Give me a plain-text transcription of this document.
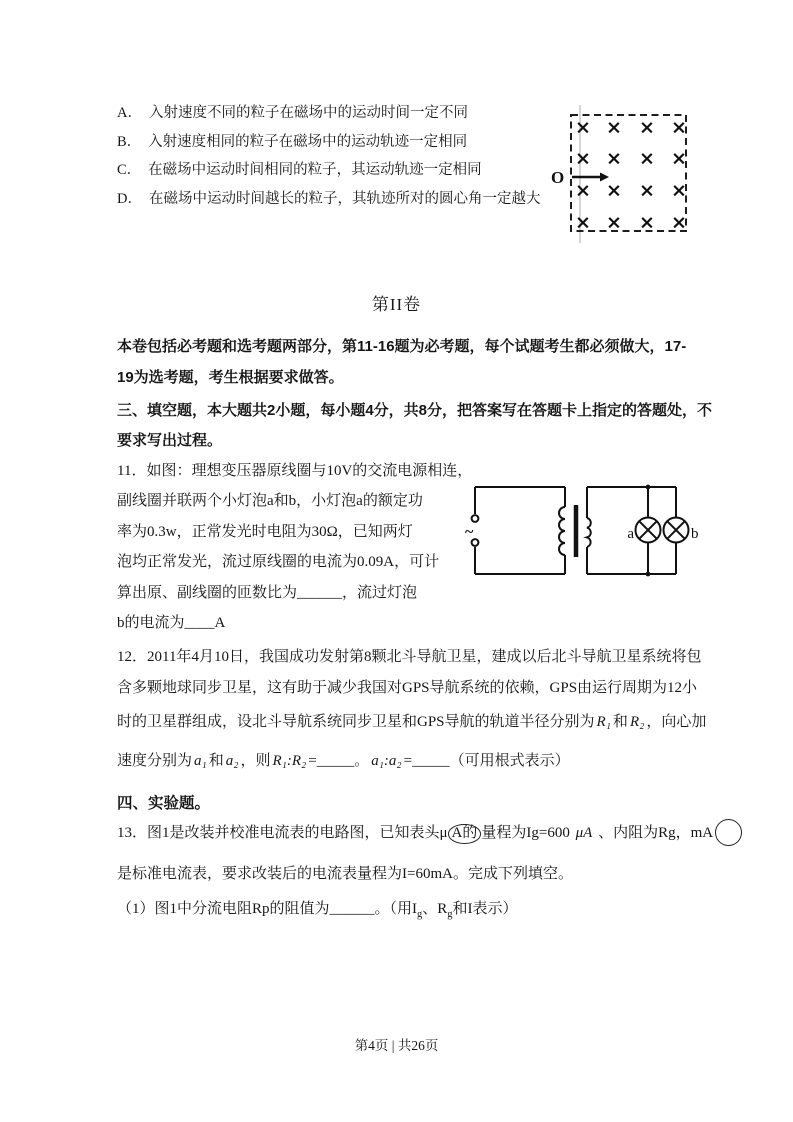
A． 入射速度不同的粒子在磁场中的运动时间一定不同
B． 入射速度相同的粒子在磁场中的运动轨迹一定相同
C． 在磁场中运动时间相同的粒子，其运动轨迹一定相同
D． 在磁场中运动时间越长的粒子，其轨迹所对的圆心角一定越大
× × × ×
× × × ×
× × × ×
× × × ×
O
第II卷
本卷包括必考题和选考题两部分，第11-16题为必考题，每个试题考生都必须做大，17-
19为选考题，考生根据要求做答。
三、填空题，本大题共2小题，每小题4分，共8分，把答案写在答题卡上指定的答题处，不
要求写出过程。
11．如图：理想变压器原线圈与10V的交流电源相连，
副线圈并联两个小灯泡a和b，小灯泡a的额定功
率为0.3w，正常发光时电阻为30Ω，已知两灯
泡均正常发光，流过原线圈的电流为0.09A，可计
算出原、副线圈的匝数比为______，流过灯泡
b的电流为____A
~	a	b
12．2011年4月10日，我国成功发射第8颗北斗导航卫星，建成以后北斗导航卫星系统将包
含多颗地球同步卫星，这有助于减少我国对GPS导航系统的依赖，GPS由运行周期为12小
时的卫星群组成，设北斗导航系统同步卫星和GPS导航的轨道半径分别为 R₁ 和 R₂ ，向心加
速度分别为 a₁ 和 a₂ ，则 R₁:R₂ =_____。 a₁:a₂ =_____（可用根式表示）
四、实验题。
13．图1是改装并校准电流表的电路图，已知表头μ A的 量程为Ig=600 μA 、内阻为Rg，mA
是标准电流表，要求改装后的电流表量程为I=60mA。完成下列填空。
（1）图1中分流电阻Rp的阻值为______。（用$I_g$、$R_g$和I表示）
第4页 | 共26页
